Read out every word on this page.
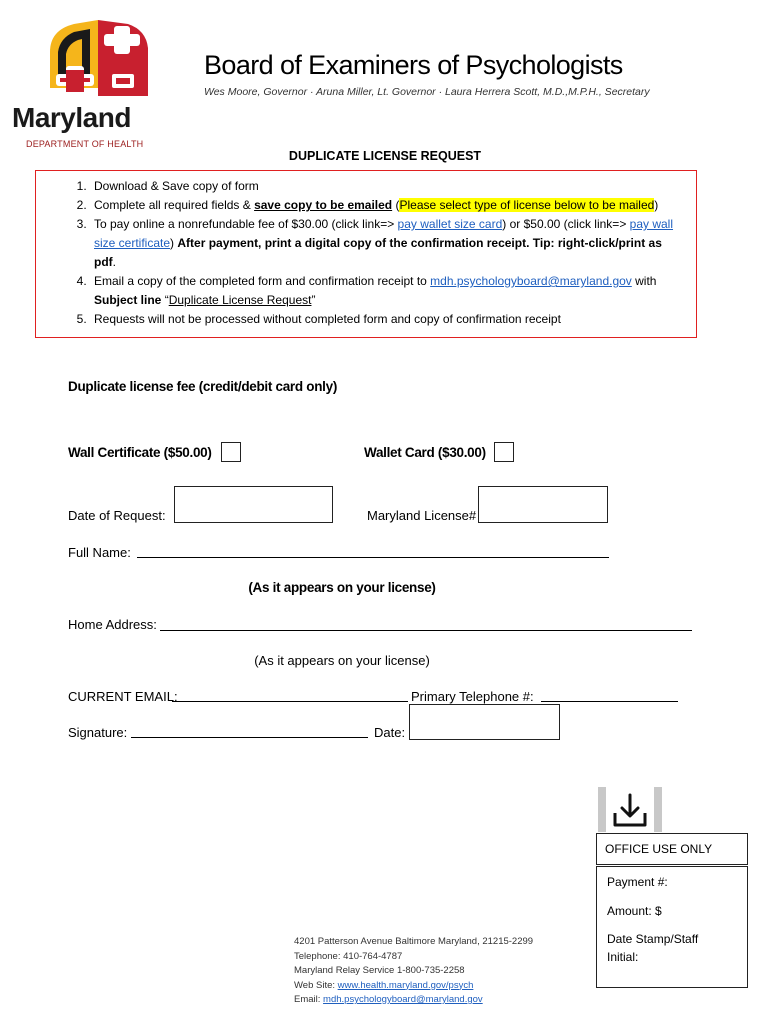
Maryland
DEPARTMENT OF HEALTH
Board of Examiners of Psychologists
Wes Moore, Governor · Aruna Miller, Lt. Governor · Laura Herrera Scott, M.D.,M.P.H., Secretary
DUPLICATE LICENSE REQUEST
1. Download & Save copy of form
2. Complete all required fields & save copy to be emailed (Please select type of license below to be mailed)
3. To pay online a nonrefundable fee of $30.00 (click link=> pay wallet size card) or $50.00 (click link=> pay wall size certificate) After payment, print a digital copy of the confirmation receipt. Tip: right-click/print as pdf.
4. Email a copy of the completed form and confirmation receipt to mdh.psychologyboard@maryland.gov with Subject line “Duplicate License Request”
5. Requests will not be processed without completed form and copy of confirmation receipt
Duplicate license fee (credit/debit card only)
Wall Certificate ($50.00)	Wallet Card ($30.00)
Date of Request:	Maryland License#
Full Name:
(As it appears on your license)
Home Address:
(As it appears on your license)
CURRENT EMAIL:	Primary Telephone #:
Signature:	Date:
OFFICE USE ONLY
Payment #:
Amount: $
Date Stamp/Staff
Initial:
4201 Patterson Avenue Baltimore Maryland, 21215-2299
Telephone: 410-764-4787
Maryland Relay Service 1-800-735-2258
Web Site: www.health.maryland.gov/psych
Email: mdh.psychologyboard@maryland.gov
